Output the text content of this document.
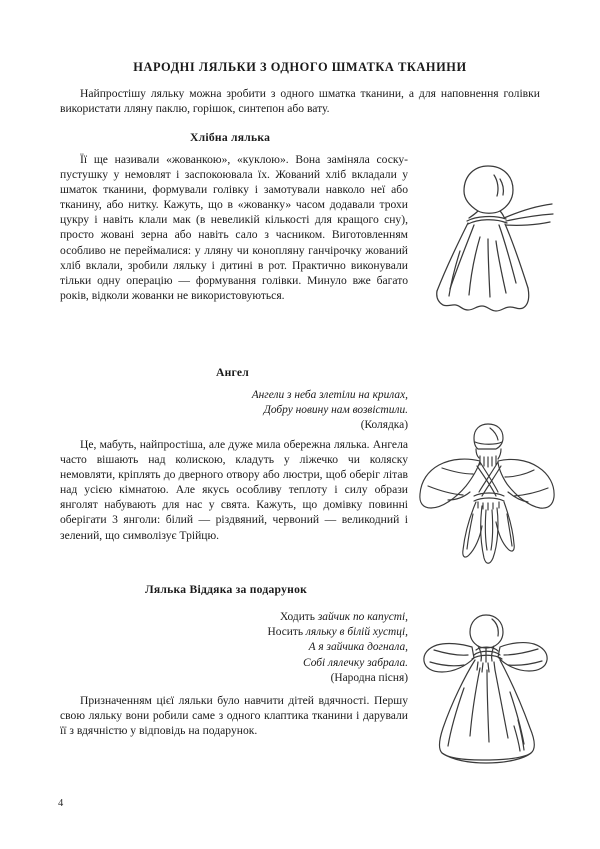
НАРОДНІ ЛЯЛЬКИ З ОДНОГО ШМАТКА ТКАНИНИ
Найпростішу ляльку можна зробити з одного шматка тканини, а для наповнення голівки використати лляну паклю, горішок, синтепон або вату.
Хлібна лялька
Її ще називали «жованкою», «куклою». Вона заміняла соску-пустушку у немовлят і заспокоювала їх. Жований хліб вкладали у шматок тканини, формували голівку і замотували навколо неї або тканину, або нитку. Кажуть, що в «жованку» часом додавали трохи цукру і навіть клали мак (в невеликій кількості для кращого сну), просто жовані зерна або навіть сало з часником. Виготовленням особливо не переймалися: у лляну чи конопляну ганчірочку жований хліб вклали, зробили ляльку і дитині в рот. Практично виконували тільки одну операцію — формування голівки. Минуло вже багато років, відколи жованки не використовуються.
Ангел
Ангели з неба злетіли на крилах,
Добру новину нам возвістили.
(Колядка)
Це, мабуть, найпростіша, але дуже мила обережна лялька. Ангела часто вішають над колискою, кладуть у ліжечко чи коляску немовляти, кріплять до дверного отвору або люстри, щоб оберіг літав над усією кімнатою. Але якусь особливу теплоту і силу образи янголят набувають для нас у свята. Кажуть, що домівку повинні оберігати 3 янголи: білий — різдвяний, червоний — великодний і зелений, що символізує Трійцю.
Лялька Віддяка за подарунок
Ходить зайчик по капусті,
Носить ляльку в білій хустці,
А я зайчика догнала,
Собі лялечку забрала.
(Народна пісня)
Призначенням цієї ляльки було навчити дітей вдячності. Першу свою ляльку вони робили саме з одного клаптика тканини і дарували її з вдячністю у відповідь на подарунок.
4
